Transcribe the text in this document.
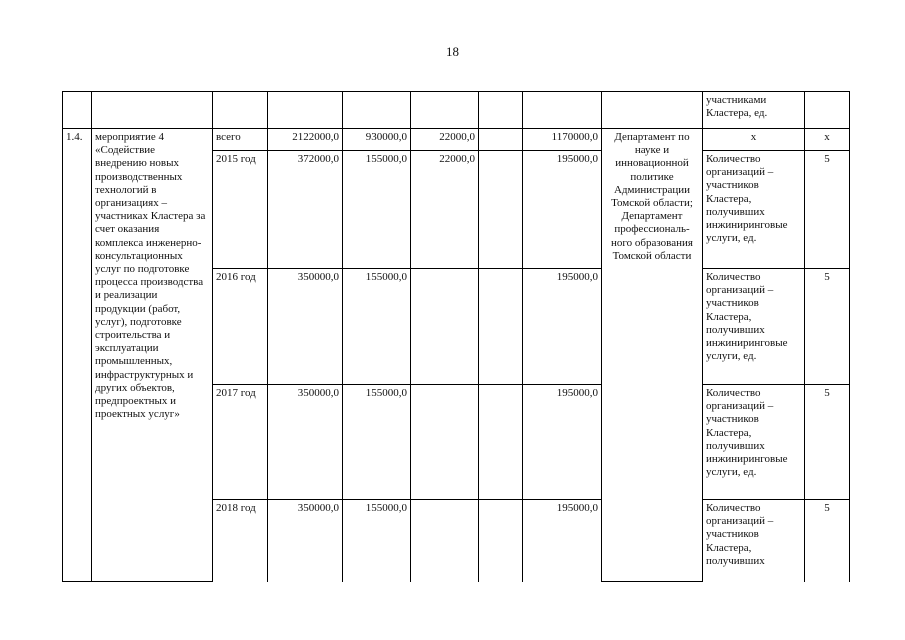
18
									участниками Кластера, ед.	
1.4.	мероприятие 4 «Содействие внедрению новых производственных технологий в организациях – участниках Кластера за счет оказания комплекса инженерно-консультационных услуг по подготовке процесса производства и реализации продукции (работ, услуг), подготовке строительства и эксплуатации промышленных, инфраструктурных и других объектов, предпроектных и проектных услуг»	всего	2122000,0	930000,0	22000,0		1170000,0	Департамент по науке и инновационной политике Администрации Томской области; Департамент профессиональ-ного образования Томской области	x	x
		2015 год	372000,0	155000,0	22000,0		195000,0		Количество организаций – участников Кластера, получивших инжиниринговые услуги, ед.	5
		2016 год	350000,0	155000,0			195000,0		Количество организаций – участников Кластера, получивших инжиниринговые услуги, ед.	5
		2017 год	350000,0	155000,0			195000,0		Количество организаций – участников Кластера, получивших инжиниринговые услуги, ед.	5
		2018 год	350000,0	155000,0			195000,0		Количество организаций – участников Кластера, получивших	5
